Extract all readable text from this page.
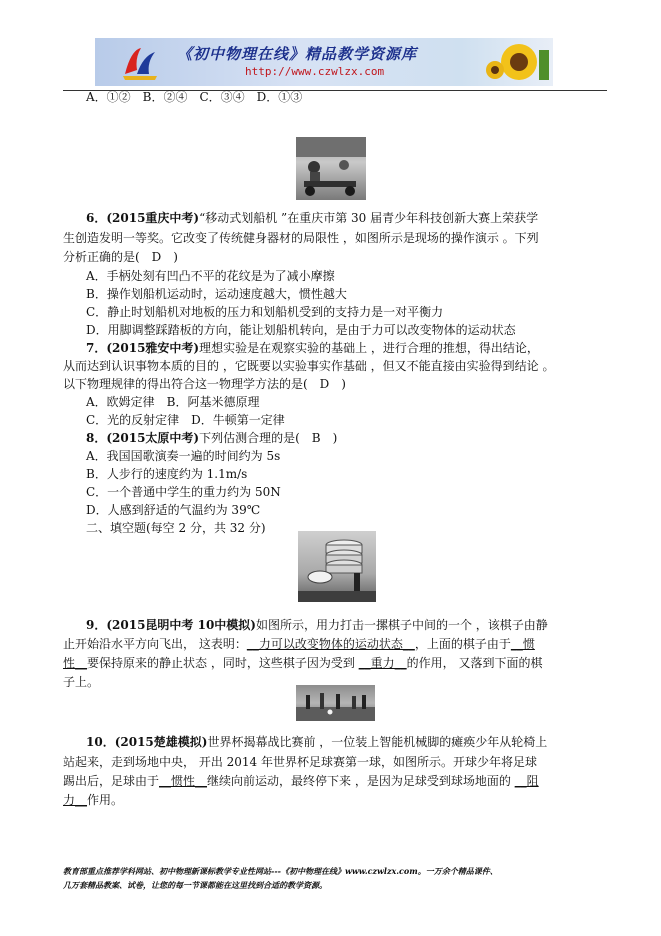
《初中物理在线》精品教学资源库
http://www.czwlzx.com
A．①②　B．②④　C．③④　D．①③
6．(2015重庆中考)“移动式划船机 ”在重庆市第 30 届青少年科技创新大赛上荣获学
生创造发明一等奖。它改变了传统健身器材的局限性 ，如图所示是现场的操作演示 。下列
分析正确的是(　D　)
A．手柄处刻有凹凸不平的花纹是为了减小摩擦
B．操作划船机运动时，运动速度越大，惯性越大
C．静止时划船机对地板的压力和划船机受到的支持力是一对平衡力
D．用脚调整踩踏板的方向，能让划船机转向，是由于力可以改变物体的运动状态
7．(2015雅安中考)理想实验是在观察实验的基础上 ，进行合理的推想，得出结论，
从而达到认识事物本质的目的 ，它既要以实验事实作基础 ，但又不能直接由实验得到结论 。
以下物理规律的得出符合这一物理学方法的是(　D　)
A．欧姆定律　B．阿基米德原理
C．光的反射定律　D．牛顿第一定律
8．(2015太原中考)下列估测合理的是(　B　)
A．我国国歌演奏一遍的时间约为 5s
B．人步行的速度约为 1.1m/s
C．一个普通中学生的重力约为 50N
D．人感到舒适的气温约为 39℃
二、填空题(每空 2 分，共 32 分)
9．(2015昆明中考 10中模拟)如图所示，用力打击一摞棋子中间的一个 ，该棋子由静
止开始沿水平方向飞出， 这表明：__力可以改变物体的运动状态__，上面的棋子由于__惯
性__要保持原来的静止状态 ，同时，这些棋子因为受到 __重力__的作用， 又落到下面的棋
子上。
10．(2015楚雄模拟)世界杯揭幕战比赛前 ，一位装上智能机械脚的瘫痪少年从轮椅上
站起来，走到场地中央， 开出 2014 年世界杯足球赛第一球，如图所示。开球少年将足球
踢出后，足球由于__惯性__继续向前运动，最终停下来 ，是因为足球受到球场地面的 __阻
力__作用。
教育部重点推荐学科网站、初中物理新课标教学专业性网站---《初中物理在线》www.czwlzx.com。一万余个精品课件、
几万套精品教案、试卷，让您的每一节课都能在这里找到合适的教学资源。
